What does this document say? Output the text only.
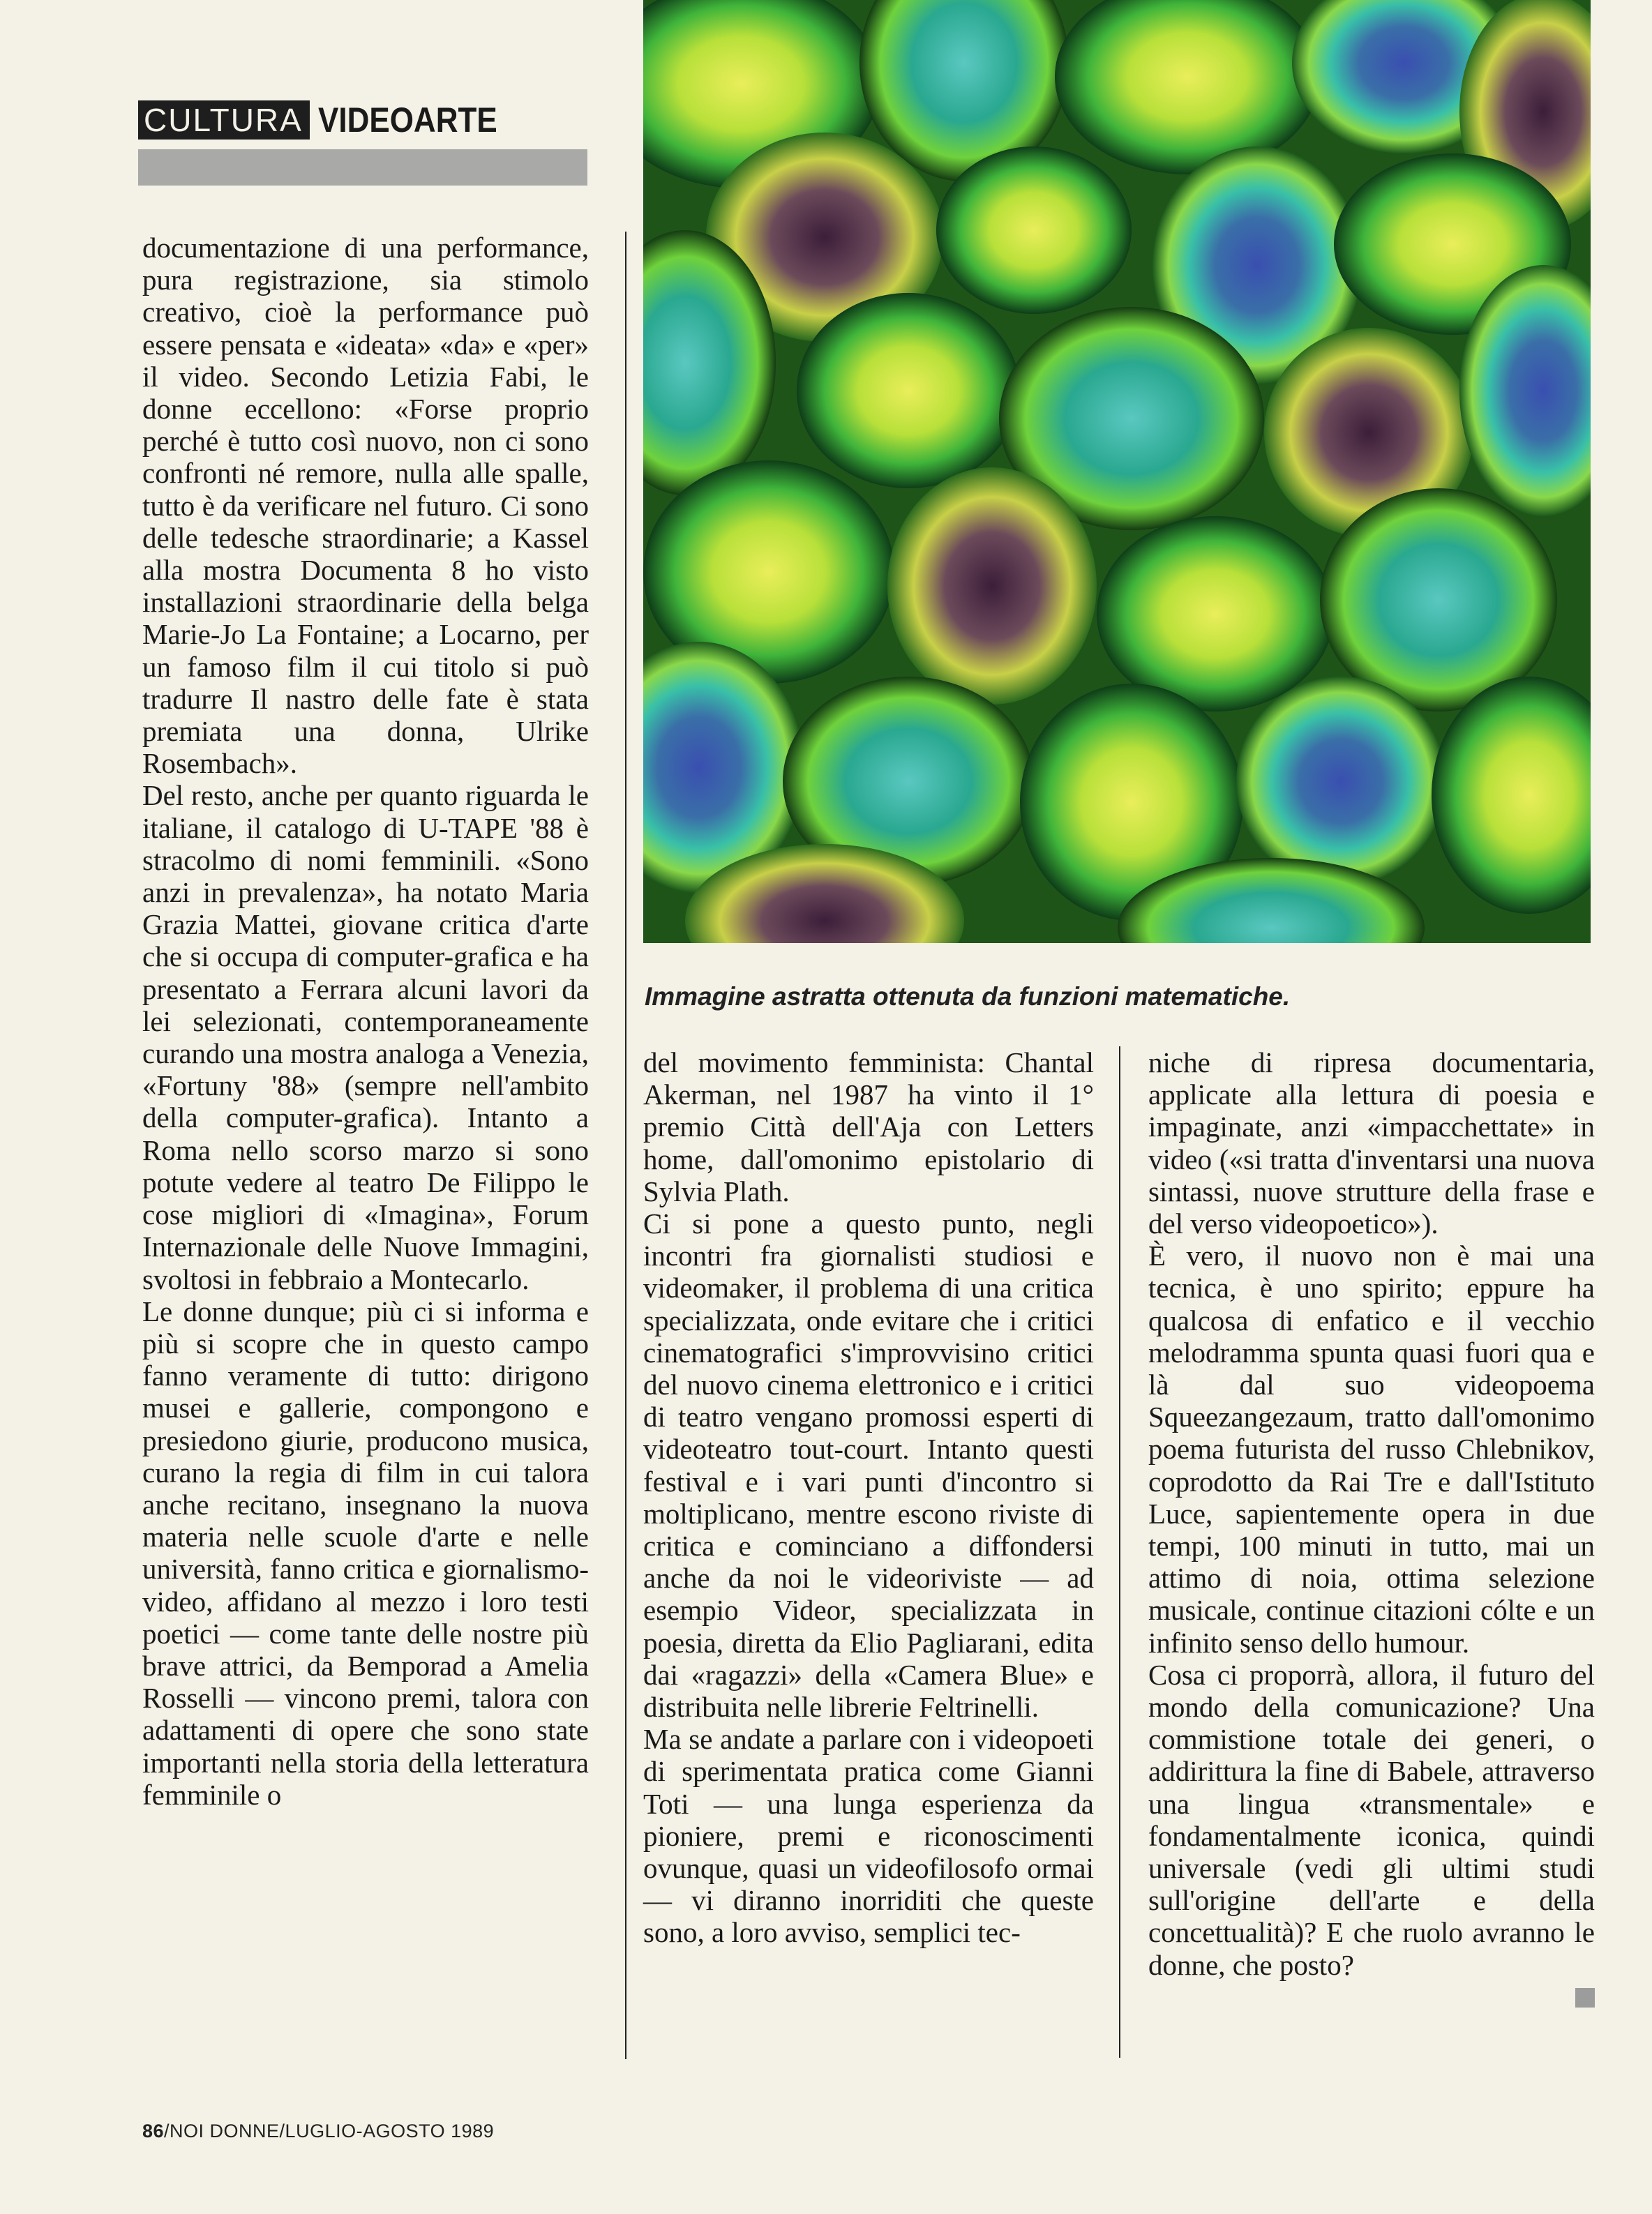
CULTURA VIDEOARTE
Immagine astratta ottenuta da funzioni matematiche.

documentazione di una performance, pura registrazione, sia stimolo creativo, cioè la performance può essere pensata e «ideata» «da» e «per» il video. Secondo Letizia Fabi, le donne eccellono: «Forse proprio perché è tutto così nuovo, non ci sono confronti né remore, nulla alle spalle, tutto è da verificare nel futuro. Ci sono delle tedesche straordinarie; a Kassel alla mostra Documenta 8 ho visto installazioni straordinarie della belga Marie-Jo La Fontaine; a Locarno, per un famoso film il cui titolo si può tradurre Il nastro delle fate è stata premiata una donna, Ulrike Rosembach».
Del resto, anche per quanto riguarda le italiane, il catalogo di U-TAPE '88 è stracolmo di nomi femminili. «Sono anzi in prevalenza», ha notato Maria Grazia Mattei, giovane critica d'arte che si occupa di computer-grafica e ha presentato a Ferrara alcuni lavori da lei selezionati, contemporaneamente curando una mostra analoga a Venezia, «Fortuny '88» (sempre nell'ambito della computer-grafica). Intanto a Roma nello scorso marzo si sono potute vedere al teatro De Filippo le cose migliori di «Imagina», Forum Internazionale delle Nuove Immagini, svoltosi in febbraio a Montecarlo.
Le donne dunque; più ci si informa e più si scopre che in questo campo fanno veramente di tutto: dirigono musei e gallerie, compongono e presiedono giurie, producono musica, curano la regia di film in cui talora anche recitano, insegnano la nuova materia nelle scuole d'arte e nelle università, fanno critica e giornalismo-video, affidano al mezzo i loro testi poetici — come tante delle nostre più brave attrici, da Bemporad a Amelia Rosselli — vincono premi, talora con adattamenti di opere che sono state importanti nella storia della letteratura femminile o

del movimento femminista: Chantal Akerman, nel 1987 ha vinto il 1° premio Città dell'Aja con Letters home, dall'omonimo epistolario di Sylvia Plath.
Ci si pone a questo punto, negli incontri fra giornalisti studiosi e videomaker, il problema di una critica specializzata, onde evitare che i critici cinematografici s'improvvisino critici del nuovo cinema elettronico e i critici di teatro vengano promossi esperti di videoteatro tout-court. Intanto questi festival e i vari punti d'incontro si moltiplicano, mentre escono riviste di critica e cominciano a diffondersi anche da noi le videoriviste — ad esempio Videor, specializzata in poesia, diretta da Elio Pagliarani, edita dai «ragazzi» della «Camera Blue» e distribuita nelle librerie Feltrinelli.
Ma se andate a parlare con i videopoeti di sperimentata pratica come Gianni Toti — una lunga esperienza da pioniere, premi e riconoscimenti ovunque, quasi un videofilosofo ormai — vi diranno inorriditi che queste sono, a loro avviso, semplici tec-

niche di ripresa documentaria, applicate alla lettura di poesia e impaginate, anzi «impacchettate» in video («si tratta d'inventarsi una nuova sintassi, nuove strutture della frase e del verso videopoetico»).
È vero, il nuovo non è mai una tecnica, è uno spirito; eppure ha qualcosa di enfatico e il vecchio melodramma spunta quasi fuori qua e là dal suo videopoema Squeezangezaum, tratto dall'omonimo poema futurista del russo Chlebnikov, coprodotto da Rai Tre e dall'Istituto Luce, sapientemente opera in due tempi, 100 minuti in tutto, mai un attimo di noia, ottima selezione musicale, continue citazioni cólte e un infinito senso dello humour.
Cosa ci proporrà, allora, il futuro del mondo della comunicazione? Una commistione totale dei generi, o addirittura la fine di Babele, attraverso una lingua «transmentale» e fondamentalmente iconica, quindi universale (vedi gli ultimi studi sull'origine dell'arte e della concettualità)? E che ruolo avranno le donne, che posto?

86/NOI DONNE/LUGLIO-AGOSTO 1989
